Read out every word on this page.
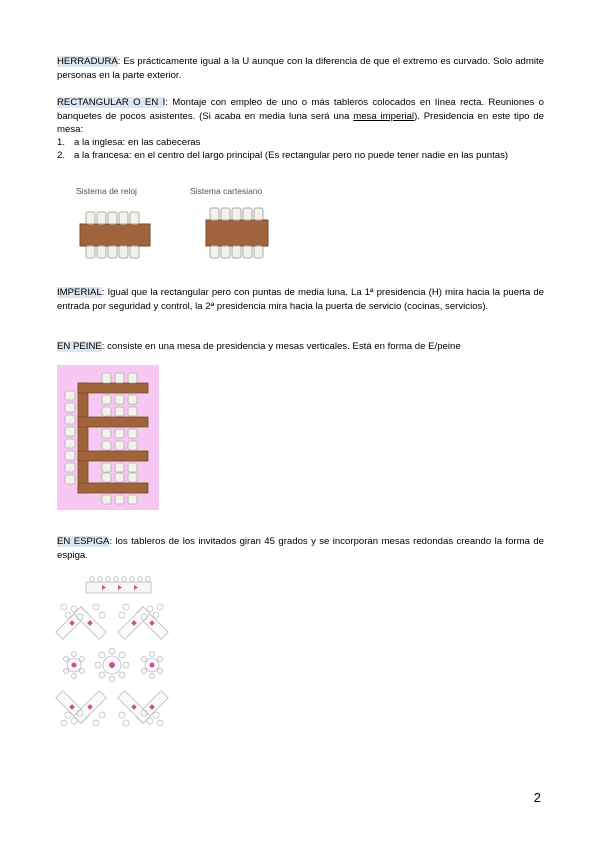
HERRADURA: Es prácticamente igual a la U aunque con la diferencia de que el extremo es curvado. Solo admite personas en la parte exterior.
RECTANGULAR O EN I: Montaje con empleo de uno o más tableros colocados en línea recta. Reuniones o banquetes de pocos asistentes. (Si acaba en media luna será una mesa imperial). Presidencia en este tipo de mesa:
1. a la inglesa: en las cabeceras
2. a la francesa: en el centro del largo principal (Es rectangular pero no puede tener nadie en las puntas)
Sistema de reloj	Sistema cartesiano
IMPERIAL: Igual que la rectangular pero con puntas de media luna. La 1ª presidencia (H) mira hacia la puerta de entrada por seguridad y control, la 2ª presidencia mira hacia la puerta de servicio (cocinas, servicios).
EN PEINE: consiste en una mesa de presidencia y mesas verticales. Está en forma de E/peine
EN ESPIGA: los tableros de los invitados giran 45 grados y se incorporan mesas redondas creando la forma de espiga.
2
